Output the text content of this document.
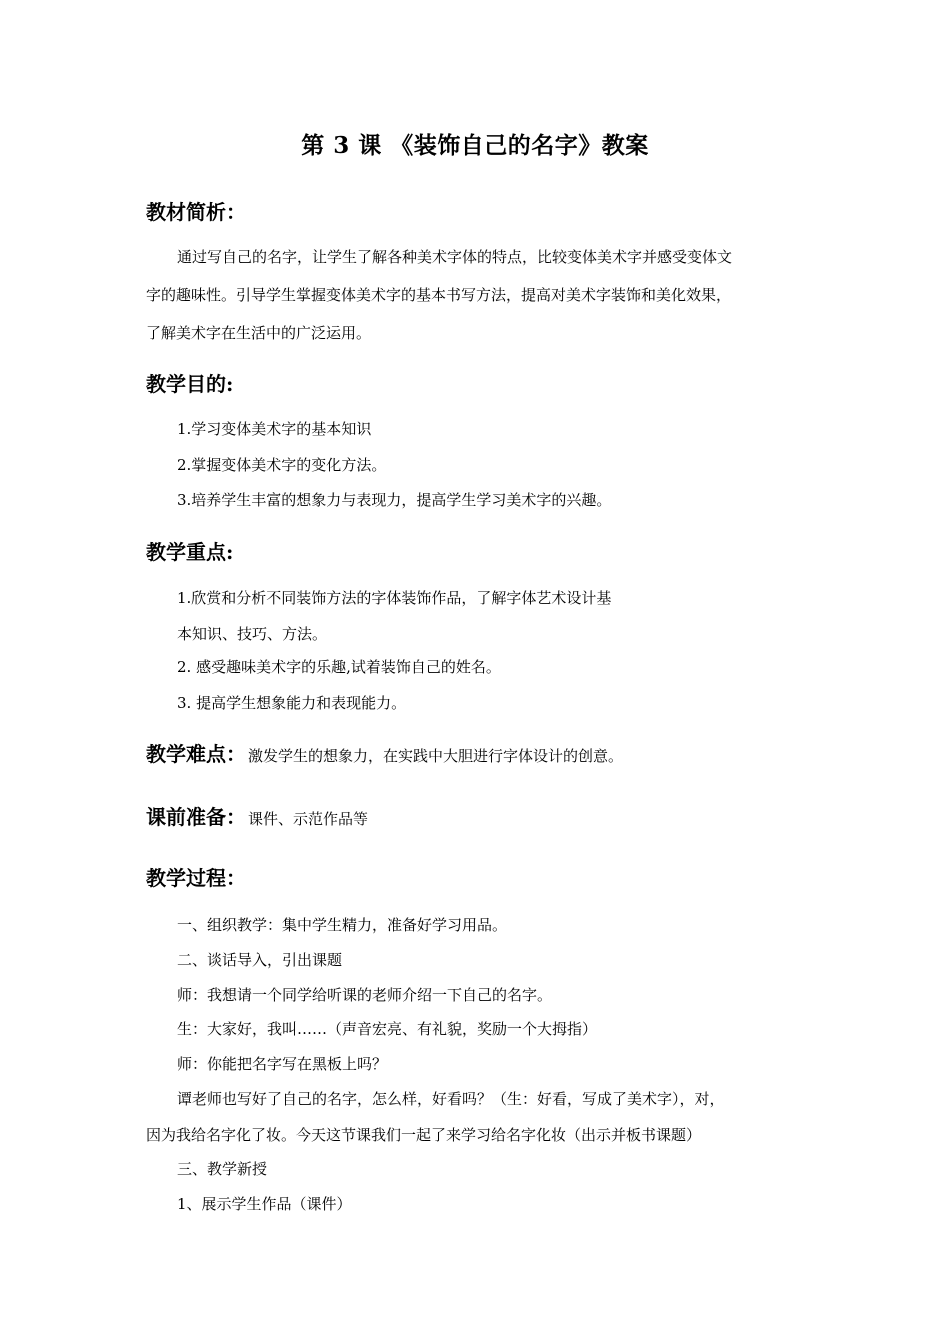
第 3 课 《装饰自己的名字》教案
教材简析：
通过写自己的名字，让学生了解各种美术字体的特点，比较变体美术字并感受变体文
字的趣味性。引导学生掌握变体美术字的基本书写方法，提高对美术字装饰和美化效果，
了解美术字在生活中的广泛运用。
教学目的:
1.学习变体美术字的基本知识
2.掌握变体美术字的变化方法。
3.培养学生丰富的想象力与表现力，提高学生学习美术字的兴趣。
教学重点:
1.欣赏和分析不同装饰方法的字体装饰作品，了解字体艺术设计基
本知识、技巧、方法。
2. 感受趣味美术字的乐趣,试着装饰自己的姓名。
3. 提高学生想象能力和表现能力。
教学难点： 激发学生的想象力，在实践中大胆进行字体设计的创意。
课前准备： 课件、示范作品等
教学过程：
一、组织教学：集中学生精力，准备好学习用品。
二、谈话导入，引出课题
师：我想请一个同学给听课的老师介绍一下自己的名字。
生：大家好，我叫……（声音宏亮、有礼貌，奖励一个大拇指）
师：你能把名字写在黑板上吗？
谭老师也写好了自己的名字，怎么样，好看吗？（生：好看，写成了美术字），对，
因为我给名字化了妆。今天这节课我们一起了来学习给名字化妆（出示并板书课题）
三、教学新授
1、展示学生作品（课件）
